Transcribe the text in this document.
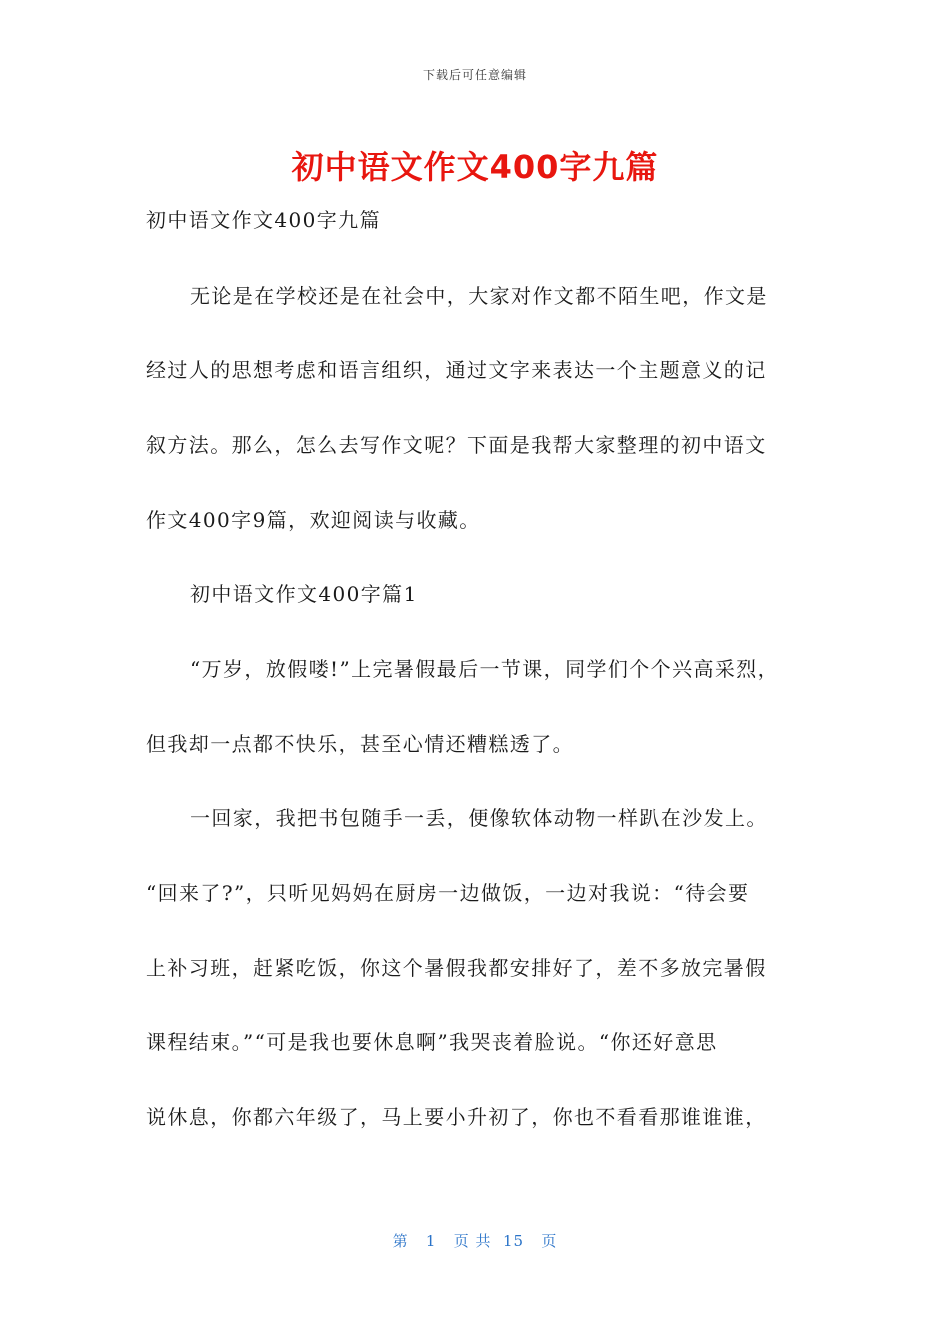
下载后可任意编辑
初中语文作文400字九篇
初中语文作文400字九篇
无论是在学校还是在社会中，大家对作文都不陌生吧，作文是
经过人的思想考虑和语言组织，通过文字来表达一个主题意义的记
叙方法。那么，怎么去写作文呢？下面是我帮大家整理的初中语文
作文400字9篇，欢迎阅读与收藏。
初中语文作文400字篇1
“万岁，放假喽!”上完暑假最后一节课，同学们个个兴高采烈，
但我却一点都不快乐，甚至心情还糟糕透了。
一回家，我把书包随手一丢，便像软体动物一样趴在沙发上。
“回来了?”，只听见妈妈在厨房一边做饭，一边对我说：“待会要
上补习班，赶紧吃饭，你这个暑假我都安排好了，差不多放完暑假
课程结束。”“可是我也要休息啊”我哭丧着脸说。“你还好意思
说休息，你都六年级了，马上要小升初了，你也不看看那谁谁谁，
第   1   页 共  15   页
